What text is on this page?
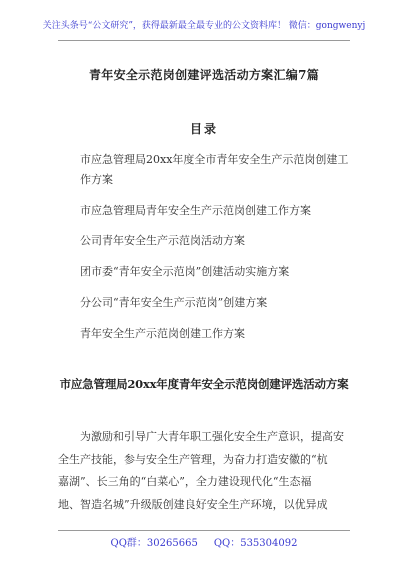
关注头条号“公文研究”，获得最新最全最专业的公文资料库！ 微信：gongwenyj
青年安全示范岗创建评选活动方案汇编7篇
目录
市应急管理局20xx年度全市青年安全生产示范岗创建工作方案
市应急管理局青年安全生产示范岗创建工作方案
公司青年安全生产示范岗活动方案
团市委“青年安全示范岗”创建活动实施方案
分公司“青年安全生产示范岗”创建方案
青年安全生产示范岗创建工作方案
市应急管理局20xx年度青年安全示范岗创建评选活动方案
为激励和引导广大青年职工强化安全生产意识，提高安
全生产技能，参与安全生产管理，为奋力打造安徽的“杭
嘉湖”、长三角的“白菜心”，全力建设现代化“生态福
地、智造名城”升级版创建良好安全生产环境，以优异成
QQ群：30265665 QQ：535304092
